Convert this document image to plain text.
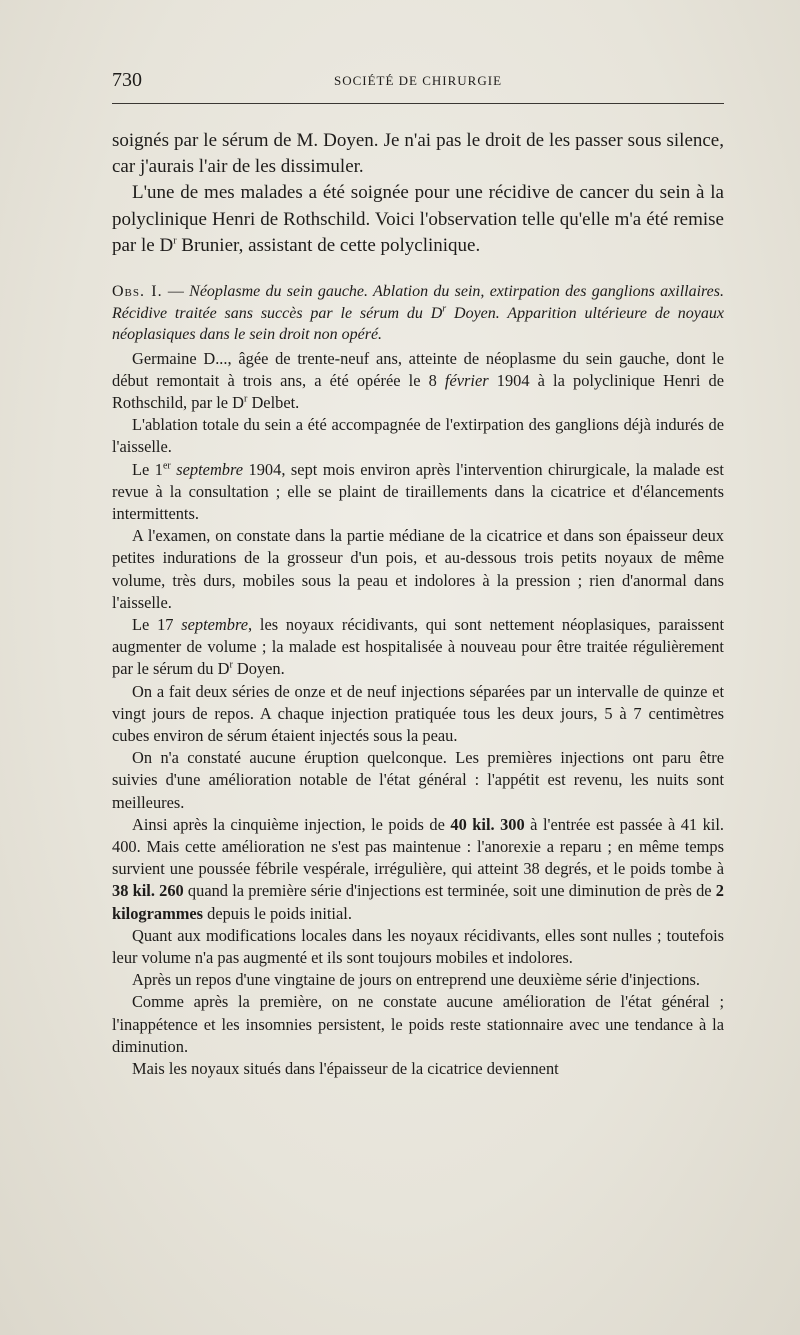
730	SOCIÉTÉ DE CHIRURGIE

soignés par le sérum de M. Doyen. Je n'ai pas le droit de les passer sous silence, car j'aurais l'air de les dissimuler.

L'une de mes malades a été soignée pour une récidive de cancer du sein à la polyclinique Henri de Rothschild. Voici l'observation telle qu'elle m'a été remise par le $D^r$ Brunier, assistant de cette polyclinique.

Obs. I. — Néoplasme du sein gauche. Ablation du sein, extirpation des ganglions axillaires. Récidive traitée sans succès par le sérum du $D^r$ Doyen. Apparition ultérieure de noyaux néoplasiques dans le sein droit non opéré.

Germaine D..., âgée de trente-neuf ans, atteinte de néoplasme du sein gauche, dont le début remontait à trois ans, a été opérée le 8 février 1904 à la polyclinique Henri de Rothschild, par le $D^r$ Delbet.

L'ablation totale du sein a été accompagnée de l'extirpation des ganglions déjà indurés de l'aisselle.

Le 1er septembre 1904, sept mois environ après l'intervention chirurgicale, la malade est revue à la consultation ; elle se plaint de tiraillements dans la cicatrice et d'élancements intermittents.

A l'examen, on constate dans la partie médiane de la cicatrice et dans son épaisseur deux petites indurations de la grosseur d'un pois, et au-dessous trois petits noyaux de même volume, très durs, mobiles sous la peau et indolores à la pression ; rien d'anormal dans l'aisselle.

Le 17 septembre, les noyaux récidivants, qui sont nettement néoplasiques, paraissent augmenter de volume ; la malade est hospitalisée à nouveau pour être traitée régulièrement par le sérum du $D^r$ Doyen.

On a fait deux séries de onze et de neuf injections séparées par un intervalle de quinze et vingt jours de repos. A chaque injection pratiquée tous les deux jours, 5 à 7 centimètres cubes environ de sérum étaient injectés sous la peau.

On n'a constaté aucune éruption quelconque. Les premières injections ont paru être suivies d'une amélioration notable de l'état général : l'appétit est revenu, les nuits sont meilleures.

Ainsi après la cinquième injection, le poids de 40 kil. 300 à l'entrée est passée à 41 kil. 400. Mais cette amélioration ne s'est pas maintenue : l'anorexie a reparu ; en même temps survient une poussée fébrile vespérale, irrégulière, qui atteint 38 degrés, et le poids tombe à 38 kil. 260 quand la première série d'injections est terminée, soit une diminution de près de 2 kilogrammes depuis le poids initial.

Quant aux modifications locales dans les noyaux récidivants, elles sont nulles ; toutefois leur volume n'a pas augmenté et ils sont toujours mobiles et indolores.

Après un repos d'une vingtaine de jours on entreprend une deuxième série d'injections.

Comme après la première, on ne constate aucune amélioration de l'état général ; l'inappétence et les insomnies persistent, le poids reste stationnaire avec une tendance à la diminution.

Mais les noyaux situés dans l'épaisseur de la cicatrice deviennent
